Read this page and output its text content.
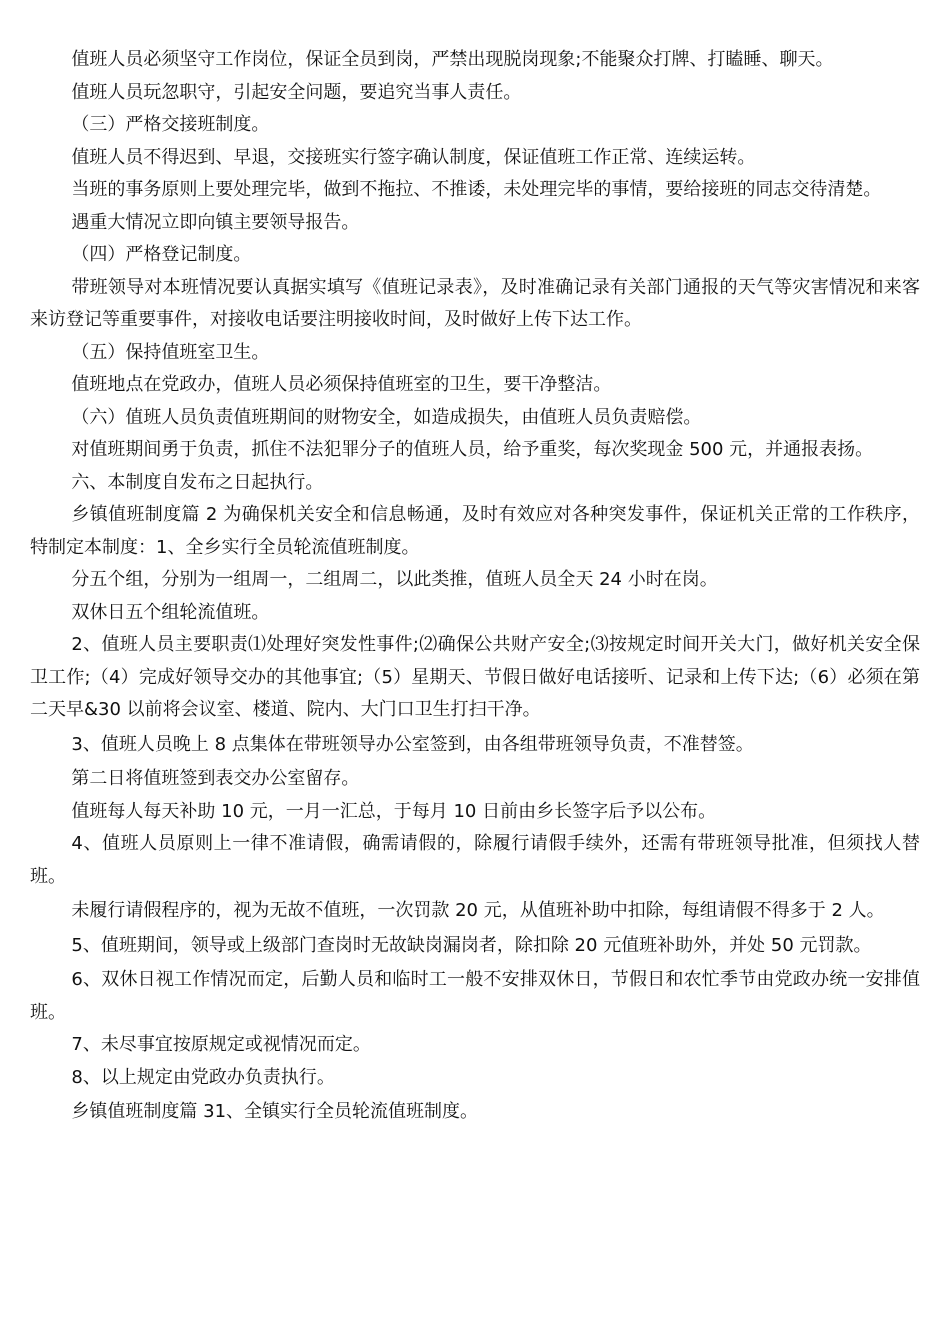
值班人员必须坚守工作岗位，保证全员到岗，严禁出现脱岗现象;不能聚众打牌、打瞌睡、聊天。

值班人员玩忽职守，引起安全问题，要追究当事人责任。

（三）严格交接班制度。

值班人员不得迟到、早退，交接班实行签字确认制度，保证值班工作正常、连续运转。

当班的事务原则上要处理完毕，做到不拖拉、不推诿，未处理完毕的事情，要给接班的同志交待清楚。

遇重大情况立即向镇主要领导报告。

（四）严格登记制度。

带班领导对本班情况要认真据实填写《值班记录表》，及时准确记录有关部门通报的天气等灾害情况和来客来访登记等重要事件，对接收电话要注明接收时间，及时做好上传下达工作。

（五）保持值班室卫生。

值班地点在党政办，值班人员必须保持值班室的卫生，要干净整洁。

（六）值班人员负责值班期间的财物安全，如造成损失，由值班人员负责赔偿。

对值班期间勇于负责，抓住不法犯罪分子的值班人员，给予重奖，每次奖现金 500 元，并通报表扬。

六、本制度自发布之日起执行。

乡镇值班制度篇 2 为确保机关安全和信息畅通，及时有效应对各种突发事件，保证机关正常的工作秩序，特制定本制度：1、全乡实行全员轮流值班制度。

分五个组，分别为一组周一，二组周二，以此类推，值班人员全天 24 小时在岗。

双休日五个组轮流值班。

2、值班人员主要职责⑴处理好突发性事件;⑵确保公共财产安全;⑶按规定时间开关大门，做好机关安全保卫工作;（4）完成好领导交办的其他事宜;（5）星期天、节假日做好电话接听、记录和上传下达;（6）必须在第二天早&30 以前将会议室、楼道、院内、大门口卫生打扫干净。

3、值班人员晚上 8 点集体在带班领导办公室签到，由各组带班领导负责，不准替签。

第二日将值班签到表交办公室留存。

值班每人每天补助 10 元，一月一汇总，于每月 10 日前由乡长签字后予以公布。

4、值班人员原则上一律不准请假，确需请假的，除履行请假手续外，还需有带班领导批准，但须找人替班。

未履行请假程序的，视为无故不值班，一次罚款 20 元，从值班补助中扣除，每组请假不得多于 2 人。

5、值班期间，领导或上级部门查岗时无故缺岗漏岗者，除扣除 20 元值班补助外，并处 50 元罚款。

6、双休日视工作情况而定，后勤人员和临时工一般不安排双休日，节假日和农忙季节由党政办统一安排值班。

7、未尽事宜按原规定或视情况而定。

8、以上规定由党政办负责执行。

乡镇值班制度篇 31、全镇实行全员轮流值班制度。
